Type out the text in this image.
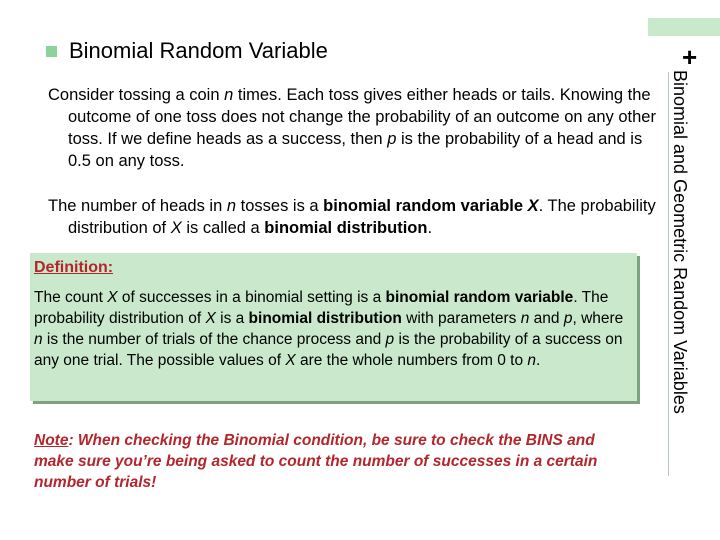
+
Binomial and Geometric Random Variables
Binomial Random Variable
Consider tossing a coin n times. Each toss gives either heads or tails. Knowing the outcome of one toss does not change the probability of an outcome on any other toss. If we define heads as a success, then p is the probability of a head and is 0.5 on any toss.
The number of heads in n tosses is a binomial random variable X. The probability distribution of X is called a binomial distribution.
Definition:
The count X of successes in a binomial setting is a binomial random variable. The probability distribution of X is a binomial distribution with parameters n and p, where n is the number of trials of the chance process and p is the probability of a success on any one trial. The possible values of X are the whole numbers from 0 to n.
Note: When checking the Binomial condition, be sure to check the BINS and make sure you’re being asked to count the number of successes in a certain number of trials!
